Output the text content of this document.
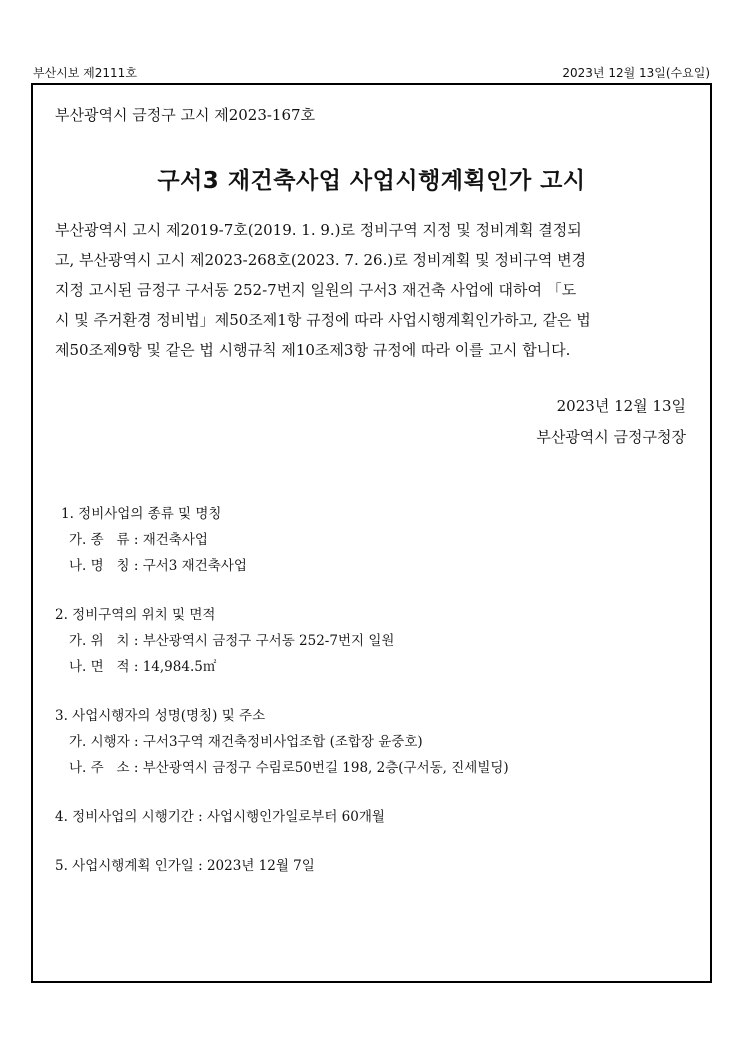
부산시보 제2111호	2023년 12월 13일(수요일)
부산광역시 금정구 고시 제2023-167호
구서3 재건축사업 사업시행계획인가 고시
부산광역시 고시 제2019-7호(2019. 1. 9.)로 정비구역 지정 및 정비계획 결정되
고, 부산광역시 고시 제2023-268호(2023. 7. 26.)로 정비계획 및 정비구역 변경
지정 고시된 금정구 구서동 252-7번지 일원의 구서3 재건축 사업에 대하여 「도
시 및 주거환경 정비법」제50조제1항 규정에 따라 사업시행계획인가하고, 같은 법
제50조제9항 및 같은 법 시행규칙 제10조제3항 규정에 따라 이를 고시 합니다.
2023년 12월 13일
부산광역시 금정구청장
1. 정비사업의 종류 및 명칭
가. 종   류 : 재건축사업
나. 명   칭 : 구서3 재건축사업
2. 정비구역의 위치 및 면적
가. 위   치 : 부산광역시 금정구 구서동 252-7번지 일원
나. 면   적 : 14,984.5㎡
3. 사업시행자의 성명(명칭) 및 주소
가. 시행자 : 구서3구역 재건축정비사업조합 (조합장 윤중호)
나. 주   소 : 부산광역시 금정구 수림로50번길 198, 2층(구서동, 진세빌딩)
4. 정비사업의 시행기간 : 사업시행인가일로부터 60개월
5. 사업시행계획 인가일 : 2023년 12월 7일
